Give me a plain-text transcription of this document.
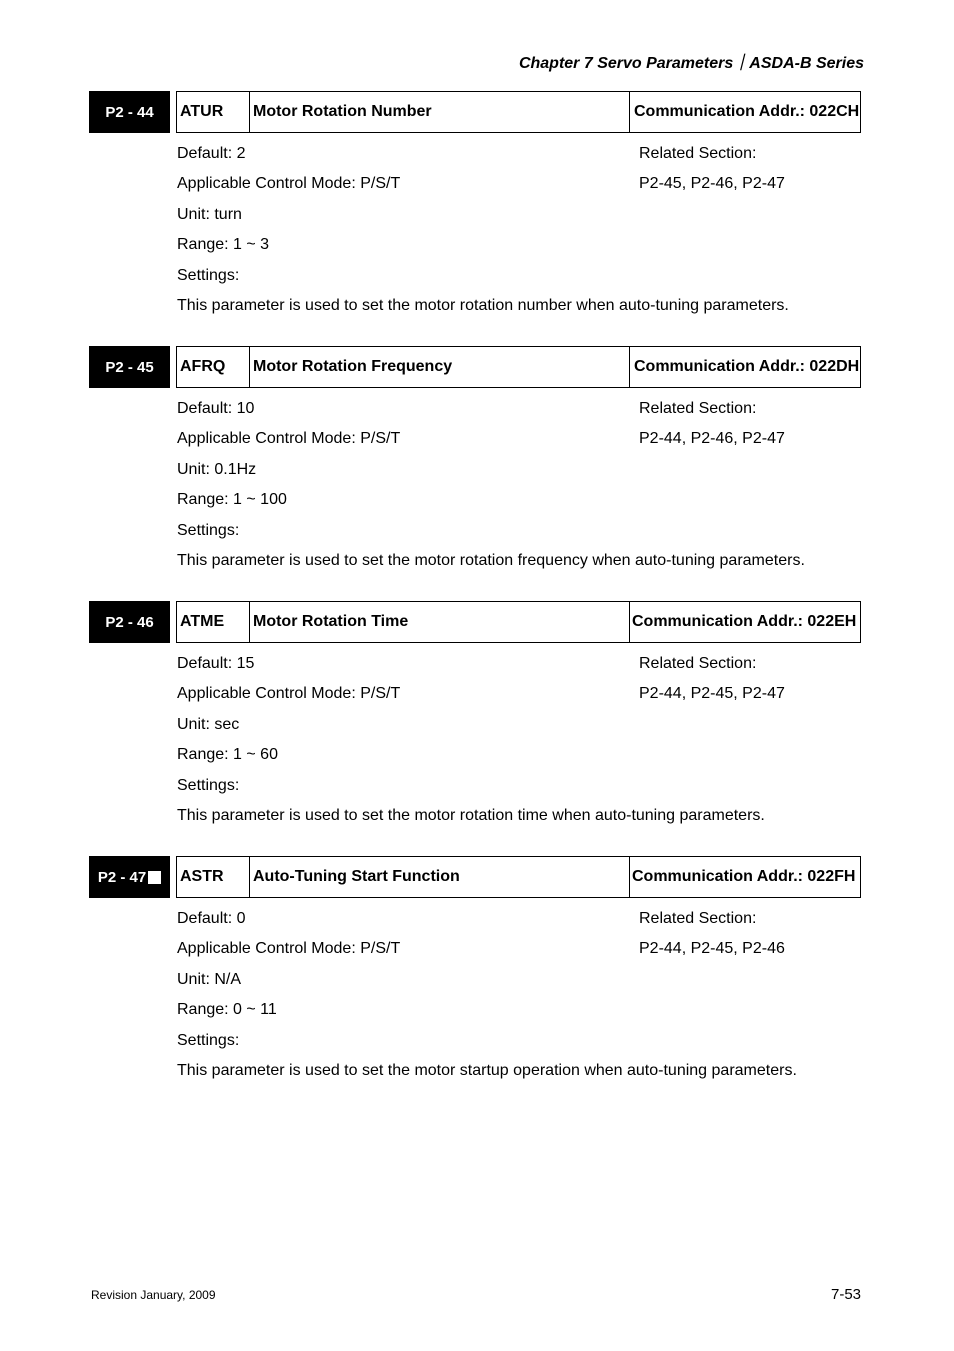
Chapter 7 Servo Parameters｜ASDA-B Series
P2 - 44 ATUR	Motor Rotation Number	Communication Addr.: 022CH
Default: 2	Related Section:
Applicable Control Mode: P/S/T	P2-45, P2-46, P2-47
Unit: turn
Range: 1 ~ 3
Settings:
This parameter is used to set the motor rotation number when auto-tuning parameters.
P2 - 45 AFRQ	Motor Rotation Frequency	Communication Addr.: 022DH
Default: 10	Related Section:
Applicable Control Mode: P/S/T	P2-44, P2-46, P2-47
Unit: 0.1Hz
Range: 1 ~ 100
Settings:
This parameter is used to set the motor rotation frequency when auto-tuning parameters.
P2 - 46 ATME	Motor Rotation Time	Communication Addr.: 022EH
Default: 15	Related Section:
Applicable Control Mode: P/S/T	P2-44, P2-45, P2-47
Unit: sec
Range: 1 ~ 60
Settings:
This parameter is used to set the motor rotation time when auto-tuning parameters.
P2 - 47 ASTR	Auto-Tuning Start Function	Communication Addr.: 022FH
Default: 0	Related Section:
Applicable Control Mode: P/S/T	P2-44, P2-45, P2-46
Unit: N/A
Range: 0 ~ 11
Settings:
This parameter is used to set the motor startup operation when auto-tuning parameters.
Revision January, 2009	7-53
